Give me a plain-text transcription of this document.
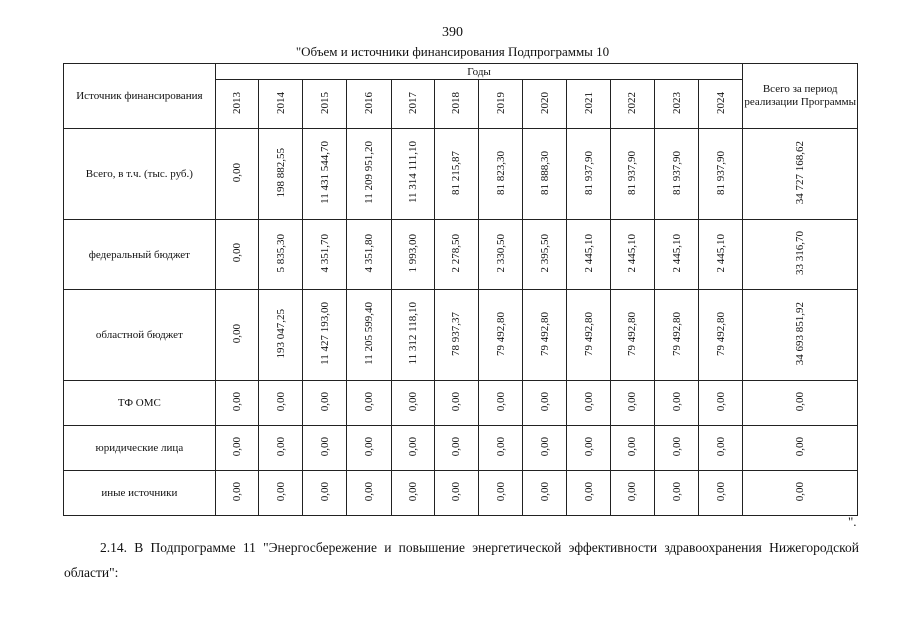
390
"Объем и источники финансирования Подпрограммы 10
Источник финансирования	Годы												Всего за период реализации Программы
	2013	2014	2015	2016	2017	2018	2019	2020	2021	2022	2023	2024	
Всего, в т.ч. (тыс. руб.)	0,00	198 882,55	11 431 544,70	11 209 951,20	11 314 111,10	81 215,87	81 823,30	81 888,30	81 937,90	81 937,90	81 937,90	81 937,90	34 727 168,62
федеральный бюджет	0,00	5 835,30	4 351,70	4 351,80	1 993,00	2 278,50	2 330,50	2 395,50	2 445,10	2 445,10	2 445,10	2 445,10	33 316,70
областной бюджет	0,00	193 047,25	11 427 193,00	11 205 599,40	11 312 118,10	78 937,37	79 492,80	79 492,80	79 492,80	79 492,80	79 492,80	79 492,80	34 693 851,92
ТФ ОМС	0,00	0,00	0,00	0,00	0,00	0,00	0,00	0,00	0,00	0,00	0,00	0,00	0,00
юридические лица	0,00	0,00	0,00	0,00	0,00	0,00	0,00	0,00	0,00	0,00	0,00	0,00	0,00
иные источники	0,00	0,00	0,00	0,00	0,00	0,00	0,00	0,00	0,00	0,00	0,00	0,00	0,00
".
2.14. В Подпрограмме 11 "Энергосбережение и повышение энергетической эффективности здравоохранения Нижегородской области":
